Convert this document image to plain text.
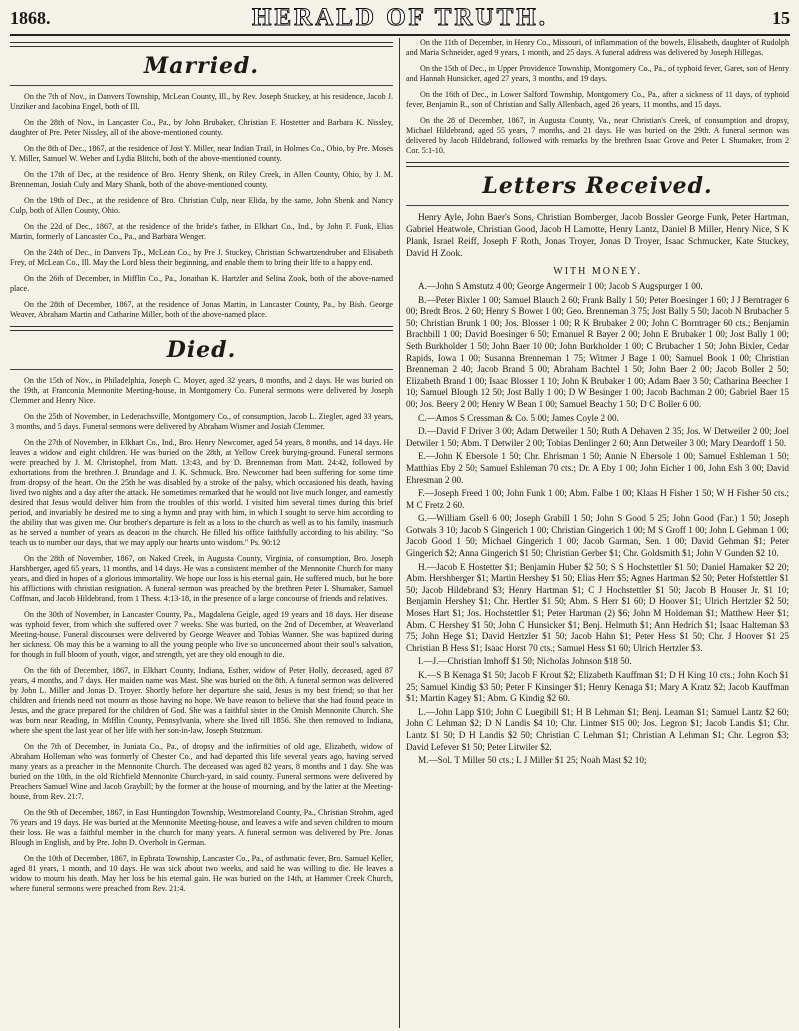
1868.	HERALD OF TRUTH.	15
Married.

On the 7th of Nov., in Danvers Township, McLean County, Ill., by Rev. Joseph Stuckey, at his residence, Jacob J. Unziker and Jacobina Engel, both of Ill.

On the 28th of Nov., in Lancaster Co., Pa., by John Brubaker, Christian F. Hostetter and Barbara K. Nissley, daughter of Pre. Peter Nissley, all of the above-mentioned county.

On the 8th of Dec., 1867, at the residence of Jost Y. Miller, near Indian Trail, in Holmes Co., Ohio, by Pre. Moses Y. Miller, Samuel W. Weber and Lydia Blitchi, both of the above-mentioned county.

On the 17th of Dec, at the residence of Bro. Henry Shenk, on Riley Creek, in Allen County, Ohio, by J. M. Brenneman, Josiah Culy and Mary Shank, both of the above-mentioned county.

On the 19th of Dec., at the residence of Bro. Christian Culp, near Elida, by the same, John Shenk and Nancy Culp, both of Allen County, Ohio.

On the 22d of Dec., 1867, at the residence of the bride's father, in Elkhart Co., Ind., by John F. Funk, Elias Martin, formerly of Lancaster Co., Pa., and Barbara Wenger.

On the 24th of Dec., in Danvers Tp., McLean Co., by Pre J. Stuckey, Christian Schwartzendruber and Elisabeth Frey, of McLean Co., Ill. May the Lord bless their beginning, and enable them to bring their life to a happy end.

On the 26th of December, in Mifflin Co., Pa., Jonathan K. Hartzler and Selina Zook, both of the above-named place.

On the 28th of December, 1867, at the residence of Jonas Martin, in Lancaster County, Pa., by Bish. George Weaver, Abraham Martin and Catharine Miller, both of the above-named place.

Died.

On the 15th of Nov., in Philadelphia, Joseph C. Moyer, aged 32 years, 8 months, and 2 days. He was buried on the 19th, at Franconia Mennonite Meeting-house, in Montgomery Co. Funeral sermons were delivered by Joseph Clemmer and Henry Nice.

On the 25th of November, in Lederachsville, Montgomery Co., of consumption, Jacob L. Ziegler, aged 33 years, 3 months, and 5 days. Funeral sermons were delivered by Abraham Wismer and Josiah Clemmer.

On the 27th of November, in Elkhart Co., Ind., Bro. Henry Newcomer, aged 54 years, 8 months, and 14 days. He leaves a widow and eight children. He was buried on the 28th, at Yellow Creek burying-ground. Funeral sermons were preached by J. M. Christophel, from Matt. 13:43, and by D. Brenneman from Matt. 24:42, followed by exhortations from the brethren J. Brundage and J. K. Schmuck. Bro. Newcomer had been suffering for some time from dropsy of the heart. On the 25th he was disabled by a stroke of the palsy, which occasioned his death, having lived two nights and a day after the attack. He sometimes remarked that he would not live much longer, and earnestly desired that Jesus would deliver him from the troubles of this world. I visited him several times during this brief period, and invariably he desired me to sing a hymn and pray with him, in which I sought to serve him according to the ability that was given me. Our brother's departure is felt as a loss to the church as well as to his family, inasmuch as he served a number of years as deacon in the church. He filled his office faithfully according to his ability. "So teach us to number our days, that we may apply our hearts unto wisdom." Ps. 90:12

On the 28th of November, 1867, on Naked Creek, in Augusta County, Virginia, of consumption, Bro. Joseph Harshberger, aged 65 years, 11 months, and 14 days. He was a consistent member of the Mennonite Church for many years, and died in hopes of a glorious immortality. We hope our loss is his eternal gain. He suffered much, but he bore his afflictions with christian resignation. A funeral sermon was preached by the brethren Peter I. Shumaker, Samuel Coffman, and Jacob Hildebrand, from 1 Thess. 4:13-18, in the presence of a large concourse of friends and relatives.

On the 30th of November, in Lancaster County, Pa., Magdalena Geigle, aged 19 years and 18 days. Her disease was typhoid fever, from which she suffered over 7 weeks. She was buried, on the 2nd of December, at Weaverland Meeting-house. Funeral discourses were delivered by George Weaver and Tobias Wanner. She was baptized during her sickness. Oh may this be a warning to all the young people who live so unconcerned about their soul's salvation, for though in full bloom of youth, vigor, and strength, yet are they old enough to die.

On the 6th of December, 1867, in Elkhart County, Indiana, Esther, widow of Peter Holly, deceased, aged 87 years, 4 months, and 7 days. Her maiden name was Mast. She was buried on the 8th. A funeral sermon was delivered by John L. Miller and Jonas D. Troyer. Shortly before her departure she said, Jesus is my best friend; so that her children and friends need not mourn as those having no hope. We have reason to believe that she had found peace in Jesus, and the grace prepared for the children of God. She was a faithful sister in the Omish Mennonite Church. She was born near Reading, in Mifflin County, Pennsylvania, where she lived till 1856. She then removed to Indiana, where she spent the last year of her life with her son-in-law, Joseph Stutzman.

On the 7th of December, in Juniata Co., Pa., of dropsy and the infirmities of old age, Elizabeth, widow of Abraham Holleman who was formerly of Chester Co., and had departed this life several years ago, having served many years as a preacher in the Mennonite Church. The deceased was aged 82 years, 8 months and 1 day. She was buried on the 10th, in the old Richfield Mennonite Church-yard, in said county. Funeral sermons were delivered by Preachers Samuel Wine and Jacob Graybill; by the former at the house of mourning, and by the latter at the Meeting-house, from Rev. 21:7.

On the 9th of December, 1867, in East Huntingdon Township, Westmoreland County, Pa., Christian Strohm, aged 76 years and 19 days. He was buried at the Mennonite Meeting-house, and leaves a wife and seven children to mourn their loss. He was a faithful member in the church for many years. A funeral sermon was delivered by Pre. Jonas Blough in English, and by Pre. John D. Overholt in German.

On the 10th of December, 1867, in Ephrata Township, Lancaster Co., Pa., of asthmatic fever, Bro. Samuel Keller, aged 81 years, 1 month, and 10 days. He was sick about two weeks, and said he was willing to die. He leaves a widow to mourn his death. May her loss be his eternal gain. He was buried on the 14th, at Hammer Creek Church, where funeral sermons were preached from Rev. 21:4.

On the 11th of December, in Henry Co., Missouri, of inflammation of the bowels, Elisabeth, daughter of Rudolph and Maria Schneider, aged 9 years, 1 month, and 25 days. A funeral address was delivered by Joseph Hillegas.

On the 15th of Dec., in Upper Providence Township, Montgomery Co., Pa., of typhoid fever, Garet, son of Henry and Hannah Hunsicker, aged 27 years, 3 months, and 19 days.

On the 16th of Dec., in Lower Salford Township, Montgomery Co., Pa., after a sickness of 11 days, of typhoid fever, Benjamin R., son of Christian and Sally Allenbach, aged 26 years, 11 months, and 15 days.

On the 28 of December, 1867, in Augusta County, Va., near Christian's Creek, of consumption and dropsy, Michael Hildebrand, aged 55 years, 7 months, and 21 days. He was buried on the 29th. A funeral sermon was delivered by Jacob Hildebrand, followed with remarks by the brethren Isaac Grove and Peter I. Shumaker, from 2 Cor. 5:1-10.

Letters Received.

Henry Ayle, John Baer's Sons, Christian Bomberger, Jacob Bossler George Funk, Peter Hartman, Gabriel Heatwole, Christian Good, Jacob H Lamotte, Henry Lantz, Daniel B Miller, Henry Nice, S K Plank, Israel Reiff, Joseph F Roth, Jonas Troyer, Jonas D Troyer, Isaac Schmucker, Kate Stuckey, David H Zook.

WITH MONEY.

A.—John S Amstutz 4 00; George Angermeir 1 00; Jacob S Augspurger 1 00.

B.—Peter Bixler 1 00; Samuel Blauch 2 60; Frank Bally 1 50; Peter Boesinger 1 60; J J Berntrager 6 00; Bredt Bros. 2 60; Henry S Bower 1 00; Geo. Brenneman 3 75; Jost Bally 5 50; Jacob N Brubacher 5 50; Christian Brunk 1 00; Jos. Blosser 1 00; R K Brubaker 2 00; John C Borntrager 60 cts.; Benjamin Brachbill 1 00; David Boesinger 6 50; Emanuel R Bayer 2 00; John E Brubaker 1 00; Jost Bally 1 00; Seth Burkholder 1 50; John Baer 10 00; John Burkholder 1 00; C Brubacher 1 50; John Bixler, Cedar Rapids, Iowa 1 00; Susanna Brenneman 1 75; Witmer J Bage 1 00; Samuel Book 1 00; Christian Brenneman 2 40; Jacob Brand 5 00; Abraham Bachtel 1 50; John Baer 2 00; Jacob Boller 2 50; Elizabeth Brand 1 00; Isaac Blosser 1 10; John K Brubaker 1 00; Adam Baer 3 50; Catharina Beecher 1 10; Samuel Blough 12 50; Jost Bally 1 00; D W Besinger 1 00; Jacob Bachman 2 00; Gabriel Baer 15 00; Jos. Beery 2 00; Henry W Bean 1 00; Samuel Beachy 1 50; D C Boller 6 00.

C.—Amos S Cressman & Co. 5 00; James Coyle 2 00.

D.—David F Driver 3 00; Adam Detweiler 1 50; Ruth A Dehaven 2 35; Jos. W Detweiler 2 00; Joel Detwiler 1 50; Abm. T Detwiler 2 00; Tobias Denlinger 2 60; Ann Detweiler 3 00; Mary Deardoff 1 50.

E.—John K Ebersole 1 50; Chr. Ehrisman 1 50; Annie N Ebersole 1 00; Samuel Eshleman 1 50; Matthias Eby 2 50; Samuel Eshleman 70 cts.; Dr. A Eby 1 00; John Eicher 1 00, John Esh 3 00; David Ehresman 2 00.

F.—Joseph Freed 1 00; John Funk 1 00; Abm. Falbe 1 00; Klaas H Fisher 1 50; W H Fisher 50 cts.; M C Fretz 2 60.

G.—William Gsell 6 00; Joseph Grabill 1 50; John S Good 5 25; John Good (Far.) 1 50; Joseph Gotwals 3 10; Jacob S Gingerich 1 00; Christian Gingerich 1 00; M S Groff 1 00; John L Gehman 1 00; Jacob Good 1 50; Michael Gingerich 1 00; Jacob Garman, Sen. 1 00; David Gehman $1; Peter Gingerich $2; Anna Gingerich $1 50; Christian Gerber $1; Chr. Goldsmith $1; John V Gunden $2 10.

H.—Jacob E Hostetter $1; Benjamin Huber $2 50; S S Hochstettler $1 50; Daniel Hamaker $2 20; Abm. Hershberger $1; Martin Hershey $1 50; Elias Herr $5; Agnes Hartman $2 50; Peter Hofstettler $1 50; Jacob Hildebrand $3; Henry Hartman $1; C J Hochstettler $1 50; Jacob B Houser Jr. $1 10; Benjamin Hershey $1; Chr. Hertler $1 50; Abm. S Herr $1 60; D Hoover $1; Ulrich Hertzler $2 50; Moses Hart $1; Jos. Hochstettler $1; Peter Hartman (2) $6; John M Holdeman $1; Matthew Heer $1; Abm. C Hershey $1 50; John C Hunsicker $1; Benj. Helmuth $1; Ann Hedrich $1; Isaac Halteman $3 75; John Hege $1; David Hertzler $1 50; Jacob Hahn $1; Peter Hess $1 50; Chr. J Hoover $1 25 Christian B Hess $1; Isaac Horst 70 cts.; Samuel Hess $1 60; Ulrich Hertzler $3.

I.—J.—Christian Imhoff $1 50; Nicholas Johnson $18 50.

K.—S B Kenaga $1 50; Jacob F Krout $2; Elizabeth Kauffman $1; D H King 10 cts.; John Koch $1 25; Samuel Kindig $3 50; Peter F Kinsinger $1; Henry Kenaga $1; Mary A Kratz $2; Jacob Kauffman $1; Martin Kagey $1; Abm. G Kindig $2 60.

L.—John Lapp $10; John C Luegibill $1; H B Lehman $1; Benj. Leaman $1; Samuel Lantz $2 60; John C Lehman $2; D N Landis $4 10; Chr. Lintner $15 00; Jos. Legron $1; Jacob Landis $1; Chr. Lantz $1 50; D H Landis $2 50; Christian C Lehman $1; Christian A Lehman $1; Chr. Legron $3; David Lefever $1 50; Peter Litwiler $2.

M.—Sol. T Miller 50 cts.; L J Miller $1 25; Noah Mast $2 10;
